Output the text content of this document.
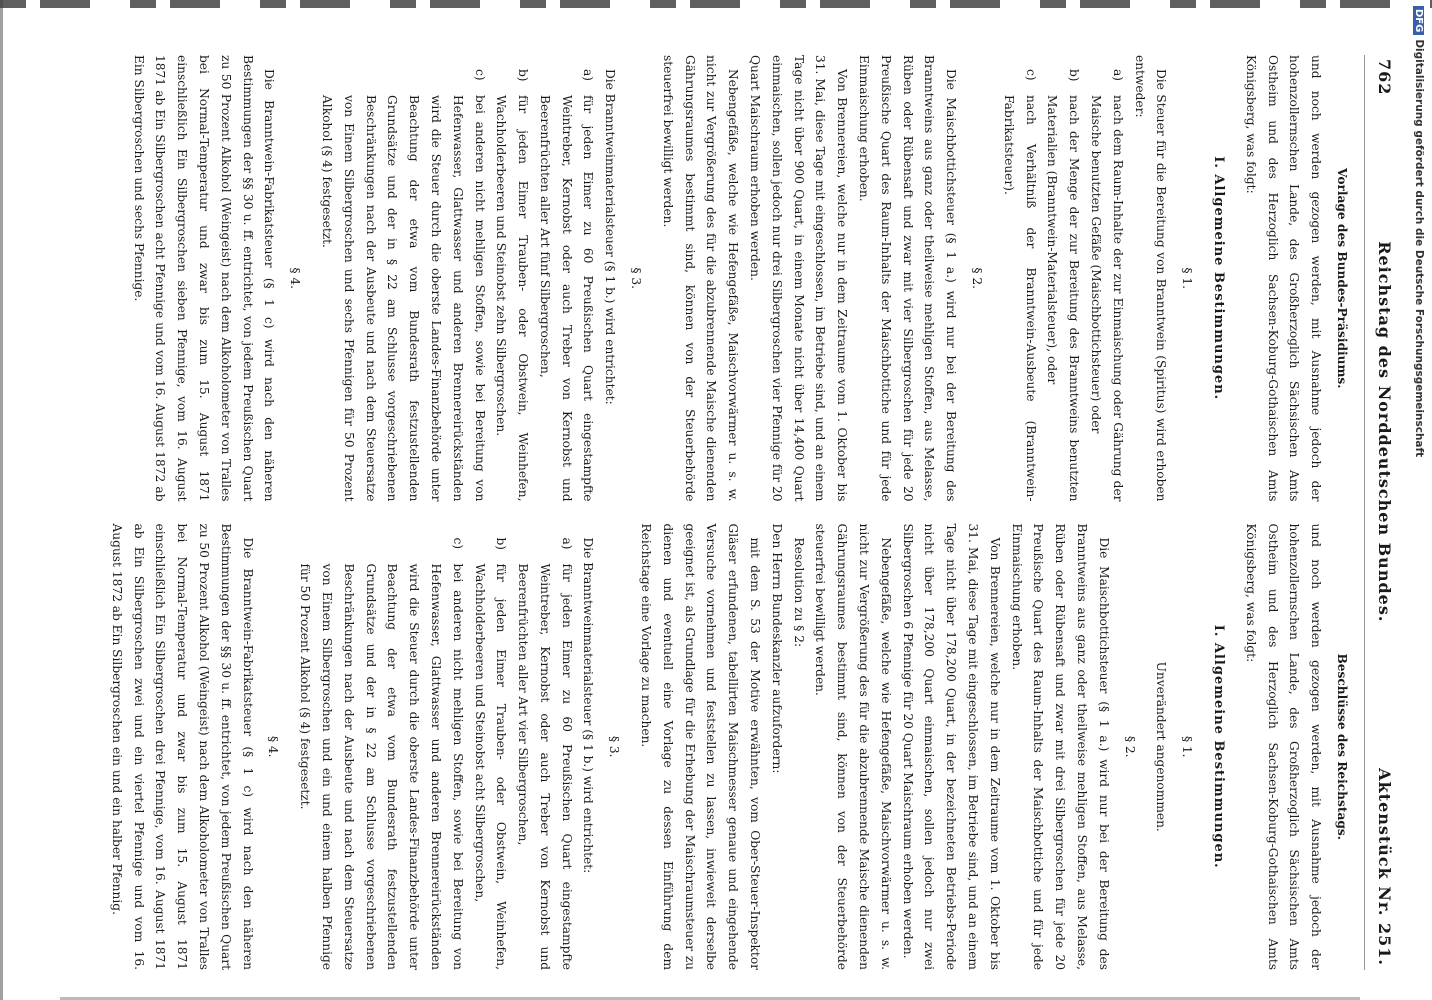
762
Reichstag des Norddeutschen Bundes.
Aktenstück Nr. 251.
Vorlage des Bundes-Präsidiums.

und noch werden gezogen werden, mit Ausnahme jedoch der hohenzollernschen Lande, des Großherzoglich Sächsischen Amts Ostheim und des Herzoglich Sachsen-Koburg-Gothaischen Amts Königsberg, was folgt:

I. Allgemeine Bestimmungen.
§ 1.

Die Steuer für die Bereitung von Branntwein (Spiritus) wird erhoben entweder:

a)
nach dem Raum-Inhalte der zur Einmaischung oder Gährung der Maische benutzten Gefäße (Maischbottichsteuer) oder
b)
nach der Menge der zur Bereitung des Branntweins benutzten Materialien (Branntwein-Materialsteuer), oder
c)
nach Verhältniß der Branntwein-Ausbeute (Branntwein-Fabrikatsteuer).
§ 2.

Die Maischbottichsteuer (§ 1 a.) wird nur bei der Bereitung des Branntweins aus ganz oder theilweise mehligen Stoffen, aus Melasse, Rüben oder Rübensaft und zwar mit vier Silbergroschen für jede 20 Preußische Quart des Raum-Inhalts der Maischbottiche und für jede Einmaischung erhoben.

Von Brennereien, welche nur in dem Zeitraume vom 1. Oktober bis 31. Mai, diese Tage mit eingeschlossen, im Betriebe sind, und an einem Tage nicht über 900 Quart, in einem Monate nicht über 14,400 Quart einmaischen, sollen jedoch nur drei Silbergroschen vier Pfennige für 20 Quart Maischraum erhoben werden.

Nebengefäße, welche wie Hefengefäße, Maischvorwärmer u. s. w. nicht zur Vergrößerung des für die abzubrennende Maische dienenden Gährungsraumes bestimmt sind, können von der Steuerbehörde steuerfrei bewilligt werden.

§ 3.

Die Branntweinmaterialsteuer (§ 1 b.) wird entrichtet:

a)
für jeden Eimer zu 60 Preußischen Quart eingestampfte Weintreber, Kernobst oder auch Treber von Kernobst und Beerenfrüchten aller Art fünf Silbergroschen,
b)
für jeden Eimer Trauben- oder Obstwein, Weinhefen, Wachholderbeeren und Steinobst zehn Silbergroschen.
c)
bei anderen nicht mehligen Stoffen, sowie bei Bereitung von Hefenwasser, Glattwasser und anderen Brennereirückständen wird die Steuer durch die oberste Landes-Finanzbehörde unter Beachtung der etwa vom Bundesrath festzustellenden Grundsätze und der in § 22 am Schlusse vorgeschriebenen Beschränkungen nach der Ausbeute und nach dem Steuersatze von Einem Silbergroschen und sechs Pfennigen für 50 Prozent Alkohol (§ 4) festgesetzt.
§ 4.

Die Branntwein-Fabrikatsteuer (§ 1 c) wird nach den näheren Bestimmungen der §§ 30 u. ff. entrichtet, von jedem Preußischen Quart zu 50 Prozent Alkohol (Weingeist) nach dem Alkoholometer von Tralles bei Normal-Temperatur und zwar bis zum 15. August 1871 einschließlich Ein Silbergroschen sieben Pfennige, vom 16. August 1871 ab Ein Silbergroschen acht Pfennige und vom 16. August 1872 ab Ein Silbergroschen und sechs Pfennige.

Beschlüsse des Reichstags.

und noch werden gezogen werden, mit Ausnahme jedoch der hohenzollernschen Lande, des Großherzoglich Sächsischen Amts Ostheim und des Herzoglich Sachsen-Koburg-Gothaischen Amts Königsberg, was folgt:

I. Allgemeine Bestimmungen.
§ 1.
Unverändert angenommen.
§ 2.

Die Maischbottichsteuer (§ 1 a.) wird nur bei der Bereitung des Branntweins aus ganz oder theilweise mehligen Stoffen, aus Melasse, Rüben oder Rübensaft und zwar mit drei Silbergroschen für jede 20 Preußische Quart des Raum-Inhalts der Maischbottiche und für jede Einmaischung erhoben.

Von Brennereien, welche nur in dem Zeitraume vom 1. Oktober bis 31. Mai, diese Tage mit eingeschlossen, im Betriebe sind, und an einem Tage nicht über 178,200 Quart, in der bezeichneten Betriebs-Periode nicht über 178,200 Quart einmaischen, sollen jedoch nur zwei Silbergroschen 6 Pfennige für 20 Quart Maischraum erhoben werden.

Nebengefäße, welche wie Hefengefäße, Maischvorwärmer u. s. w. nicht zur Vergrößerung des für die abzubrennende Maische dienenden Gährungsraumes bestimmt sind, können von der Steuerbehörde steuerfrei bewilligt werden.

Resolution zu § 2:

Den Herrn Bundeskanzler aufzufordern:

mit dem S. 53 der Motive erwähnten, vom Ober-Steuer-Inspektor Gläser erfundenen, tabellirten Maischmesser genaue und eingehende Versuche vornehmen und feststellen zu lassen, inwieweit derselbe geeignet ist, als Grundlage für die Erhebung der Maischraumsteuer zu dienen und eventuell eine Vorlage zu dessen Einführung dem Reichstage eine Vorlage zu machen.

§ 3.

Die Branntweinmaterialsteuer (§ 1 b.) wird entrichtet:

a)
für jeden Eimer zu 60 Preußischen Quart eingestampfte Weintreber, Kernobst oder auch Treber von Kernobst und Beerenfrüchten aller Art vier Silbergroschen,
b)
für jeden Eimer Trauben- oder Obstwein, Weinhefen, Wachholderbeeren und Steinobst acht Silbergroschen,
c)
bei anderen nicht mehligen Stoffen, sowie bei Bereitung von Hefenwasser, Glattwasser und anderen Brennereirückständen wird die Steuer durch die oberste Landes-Finanzbehörde unter Beachtung der etwa vom Bundesrath festzustellenden Grundsätze und der in § 22 am Schlusse vorgeschriebenen Beschränkungen nach der Ausbeute und nach dem Steuersatze von Einem Silbergroschen und ein und einem halben Pfennige für 50 Prozent Alkohol (§ 4) festgesetzt.
§ 4.

Die Branntwein-Fabrikatsteuer (§ 1 c) wird nach den näheren Bestimmungen der §§ 30 u. ff. entrichtet, von jedem Preußischen Quart zu 50 Prozent Alkohol (Weingeist) nach dem Alkoholometer von Tralles bei Normal-Temperatur und zwar bis zum 15. August 1871 einschließlich Ein Silbergroschen drei Pfennige, vom 16. August 1871 ab Ein Silbergroschen zwei und ein viertel Pfennige und vom 16. August 1872 ab Ein Silbergroschen ein und ein halber Pfennig.

DFGDigitalisierung gefördert durch die Deutsche Forschungsgemeinschaft
